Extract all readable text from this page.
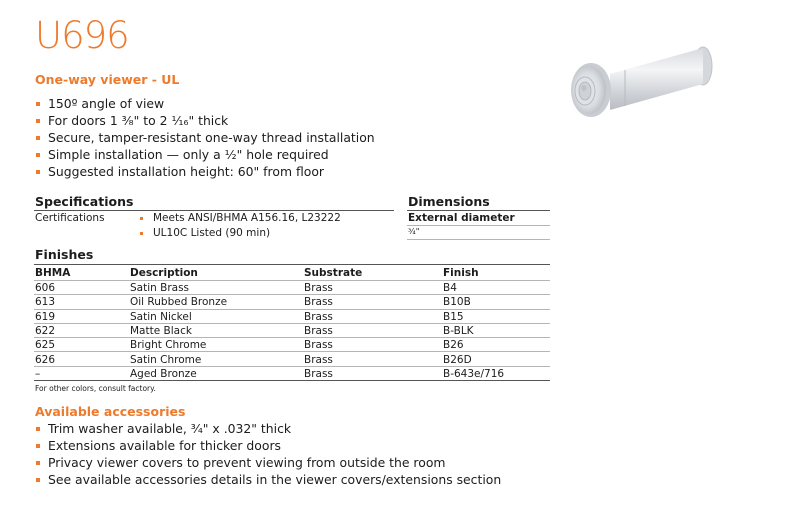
U696
One-way viewer - UL
150º angle of view
For doors 1 ³⁄₈" to 2 ¹⁄₁₆" thick
Secure, tamper-resistant one-way thread installation
Simple installation — only a ¹⁄₂" hole required
Suggested installation height: 60" from floor
Specifications
Certifications	Meets ANSI/BHMA A156.16, L23222
UL10C Listed (90 min)
Dimensions
External diameter
³⁄₄"
Finishes
BHMA	Description	Substrate	Finish
606	Satin Brass	Brass	B4
613	Oil Rubbed Bronze	Brass	B10B
619	Satin Nickel	Brass	B15
622	Matte Black	Brass	B-BLK
625	Bright Chrome	Brass	B26
626	Satin Chrome	Brass	B26D
–	Aged Bronze	Brass	B-643e/716
For other colors, consult factory.
Available accessories
Trim washer available, ³⁄₄" x .032" thick
Extensions available for thicker doors
Privacy viewer covers to prevent viewing from outside the room
See available accessories details in the viewer covers/extensions section
